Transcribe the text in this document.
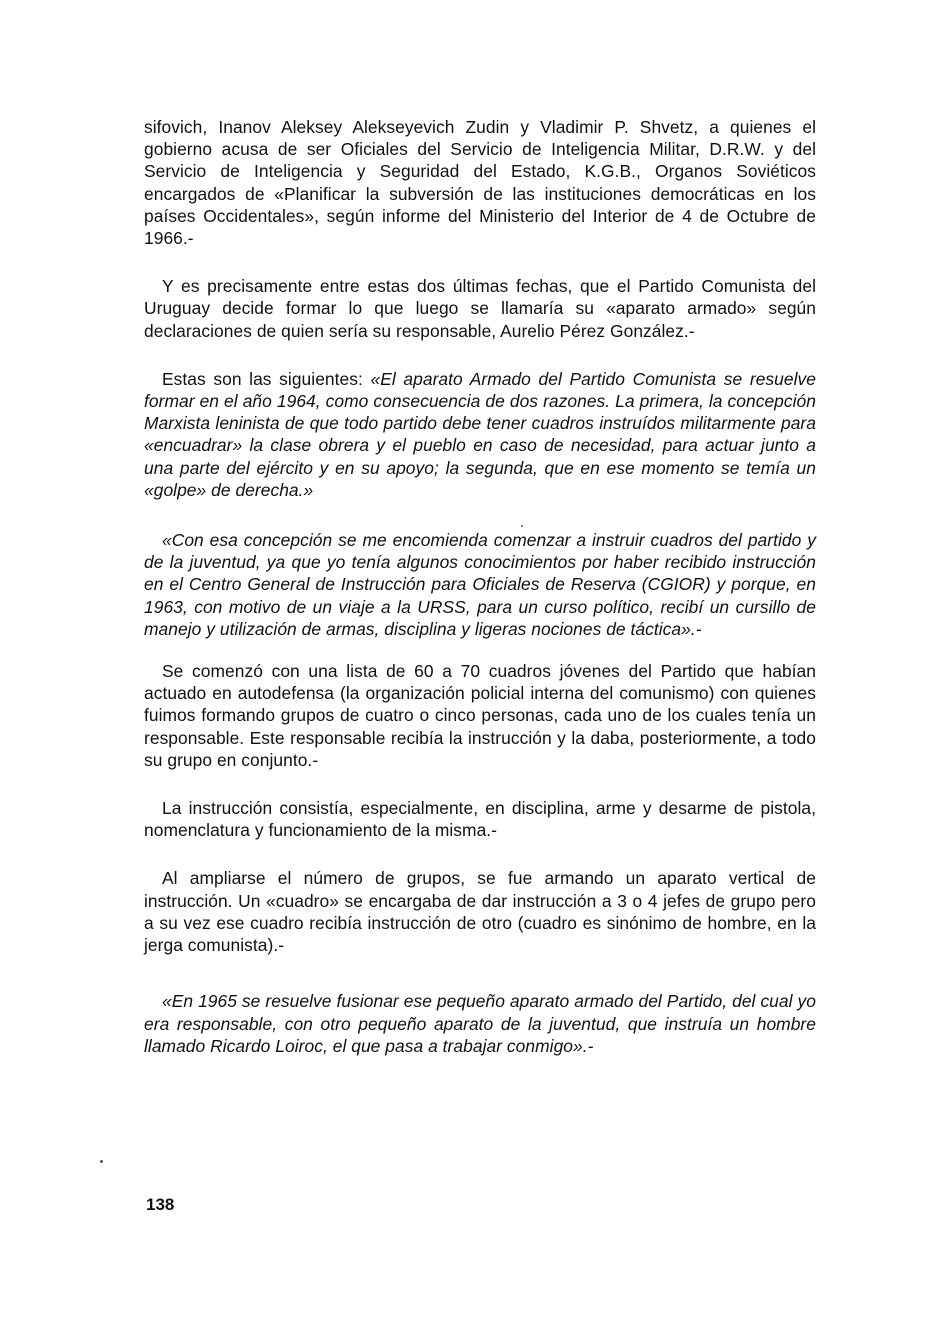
sifovich, Inanov Aleksey Alekseyevich Zudin y Vladimir P. Shvetz, a quienes el gobierno acusa de ser Oficiales del Servicio de Inteligencia Militar, D.R.W. y del Servicio de Inteligencia y Seguridad del Estado, K.G.B., Organos Soviéticos encargados de «Planificar la subversión de las instituciones democráticas en los países Occidentales», según informe del Ministerio del Interior de 4 de Octubre de 1966.-

Y es precisamente entre estas dos últimas fechas, que el Partido Comunista del Uruguay decide formar lo que luego se llamaría su «aparato armado» según declaraciones de quien sería su responsable, Aurelio Pérez González.-

Estas son las siguientes: «El aparato Armado del Partido Comunista se resuelve formar en el año 1964, como consecuencia de dos razones. La primera, la concepción Marxista leninista de que todo partido debe tener cuadros instruídos militarmente para «encuadrar» la clase obrera y el pueblo en caso de necesidad, para actuar junto a una parte del ejército y en su apoyo; la segunda, que en ese momento se temía un «golpe» de derecha.»

«Con esa concepción se me encomienda comenzar a instruir cuadros del partido y de la juventud, ya que yo tenía algunos conocimientos por haber recibido instrucción en el Centro General de Instrucción para Oficiales de Reserva (CGIOR) y porque, en 1963, con motivo de un viaje a la URSS, para un curso político, recibí un cursillo de manejo y utilización de armas, disciplina y ligeras nociones de táctica».-

Se comenzó con una lista de 60 a 70 cuadros jóvenes del Partido que habían actuado en autodefensa (la organización policial interna del comunismo) con quienes fuimos formando grupos de cuatro o cinco personas, cada uno de los cuales tenía un responsable. Este responsable recibía la instrucción y la daba, posteriormente, a todo su grupo en conjunto.-

La instrucción consistía, especialmente, en disciplina, arme y desarme de pistola, nomenclatura y funcionamiento de la misma.-

Al ampliarse el número de grupos, se fue armando un aparato vertical de instrucción. Un «cuadro» se encargaba de dar instrucción a 3 o 4 jefes de grupo pero a su vez ese cuadro recibía instrucción de otro (cuadro es sinónimo de hombre, en la jerga comunista).-

«En 1965 se resuelve fusionar ese pequeño aparato armado del Partido, del cual yo era responsable, con otro pequeño aparato de la juventud, que instruía un hombre llamado Ricardo Loiroc, el que pasa a trabajar conmigo».-

138
